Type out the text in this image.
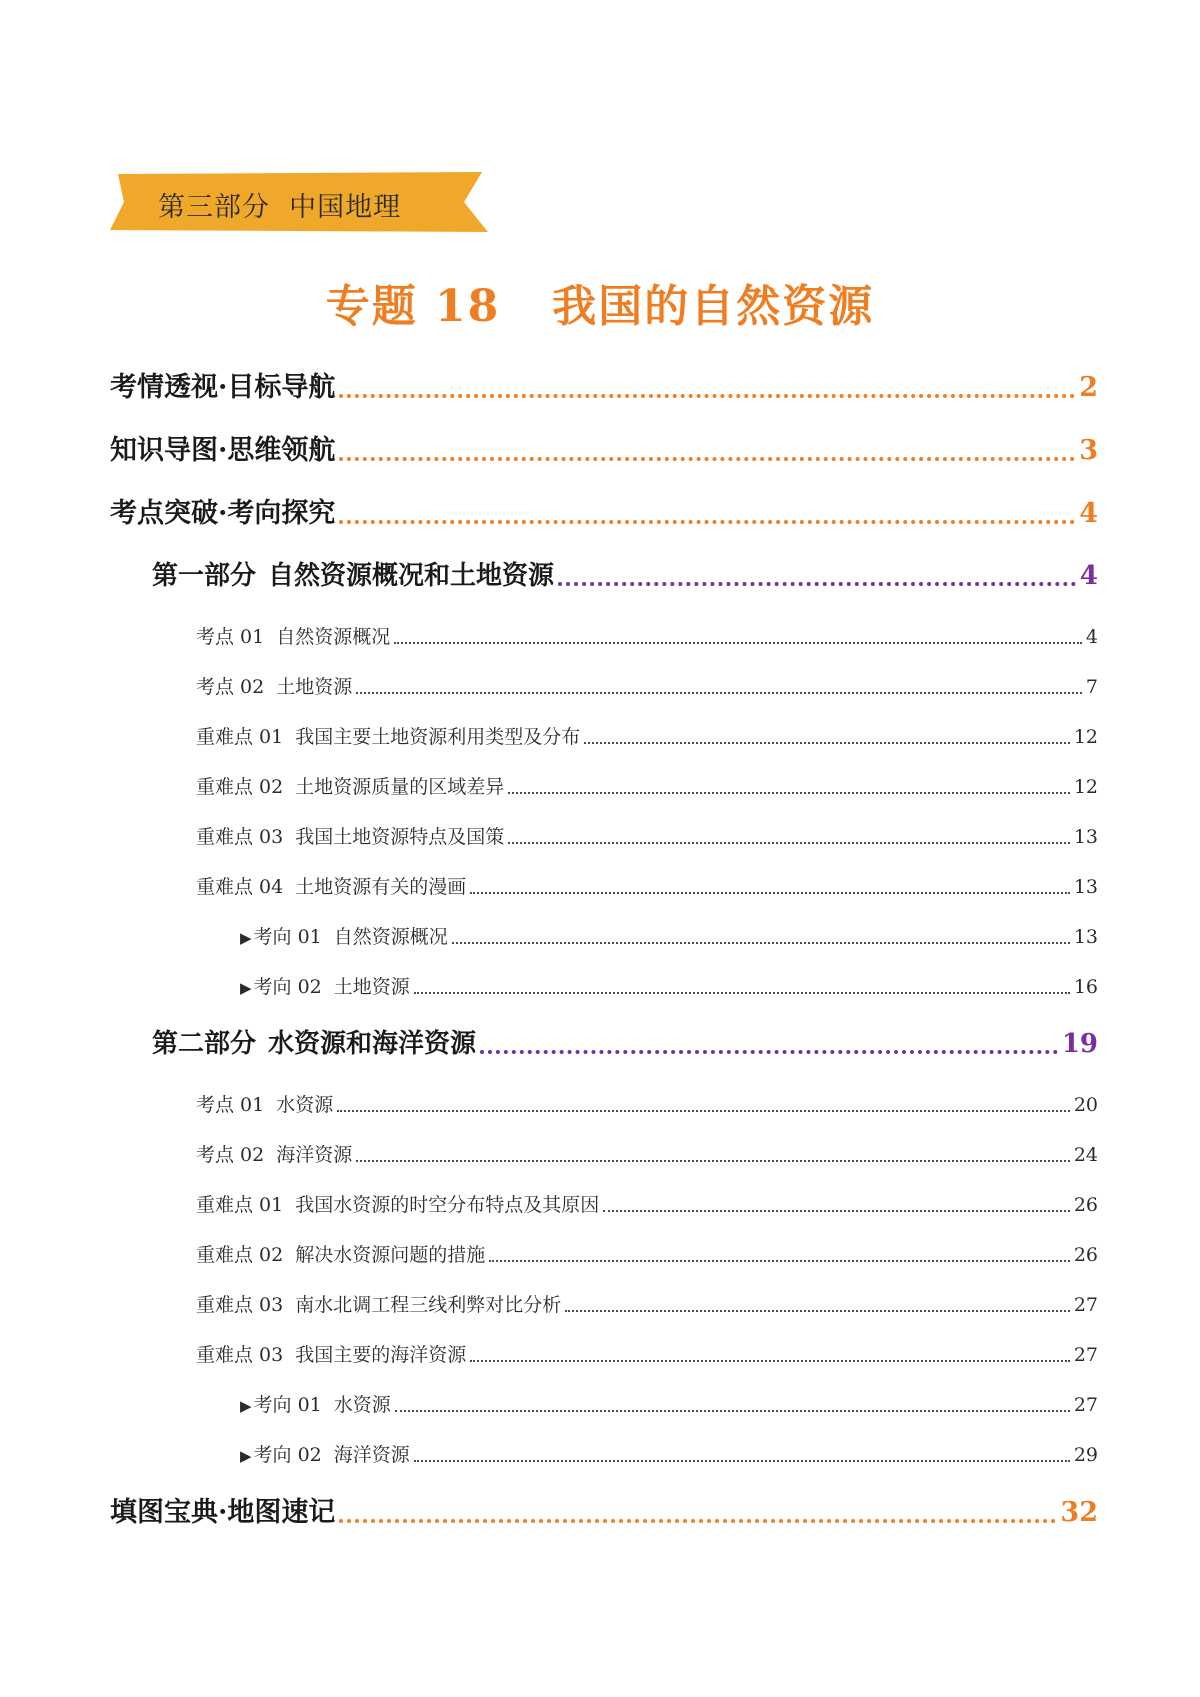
第三部分 中国地理
专题 18 我国的自然资源
考情透视·目标导航	2
知识导图·思维领航	3
考点突破·考向探究	4
第一部分 自然资源概况和土地资源	4
考点 01 自然资源概况	4
考点 02 土地资源	7
重难点 01 我国主要土地资源利用类型及分布	12
重难点 02 土地资源质量的区域差异	12
重难点 03 我国土地资源特点及国策	13
重难点 04 土地资源有关的漫画	13
▶ 考向 01 自然资源概况	13
▶ 考向 02 土地资源	16
第二部分 水资源和海洋资源	19
考点 01 水资源	20
考点 02 海洋资源	24
重难点 01 我国水资源的时空分布特点及其原因	26
重难点 02 解决水资源问题的措施	26
重难点 03 南水北调工程三线利弊对比分析	27
重难点 03 我国主要的海洋资源	27
▶ 考向 01 水资源	27
▶ 考向 02 海洋资源	29
填图宝典·地图速记	32
